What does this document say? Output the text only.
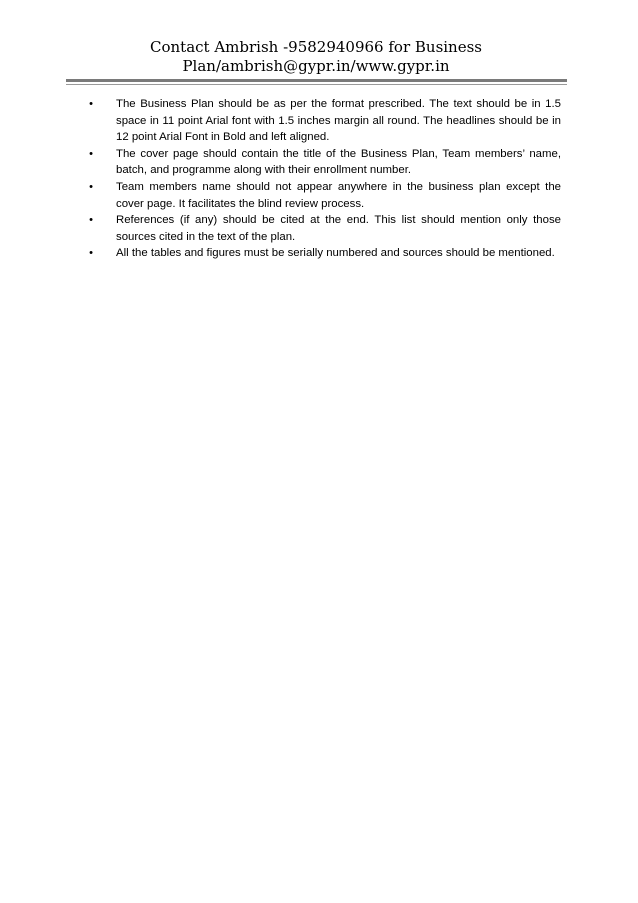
Contact Ambrish -9582940966 for Business
Plan/ambrish@gypr.in/www.gypr.in
• The Business Plan should be as per the format prescribed. The text should be in 1.5 space in 11 point Arial font with 1.5 inches margin all round. The headlines should be in 12 point Arial Font in Bold and left aligned.
• The cover page should contain the title of the Business Plan, Team members’ name, batch, and programme along with their enrollment number.
• Team members name should not appear anywhere in the business plan except the cover page. It facilitates the blind review process.
• References (if any) should be cited at the end. This list should mention only those sources cited in the text of the plan.
• All the tables and figures must be serially numbered and sources should be mentioned.
